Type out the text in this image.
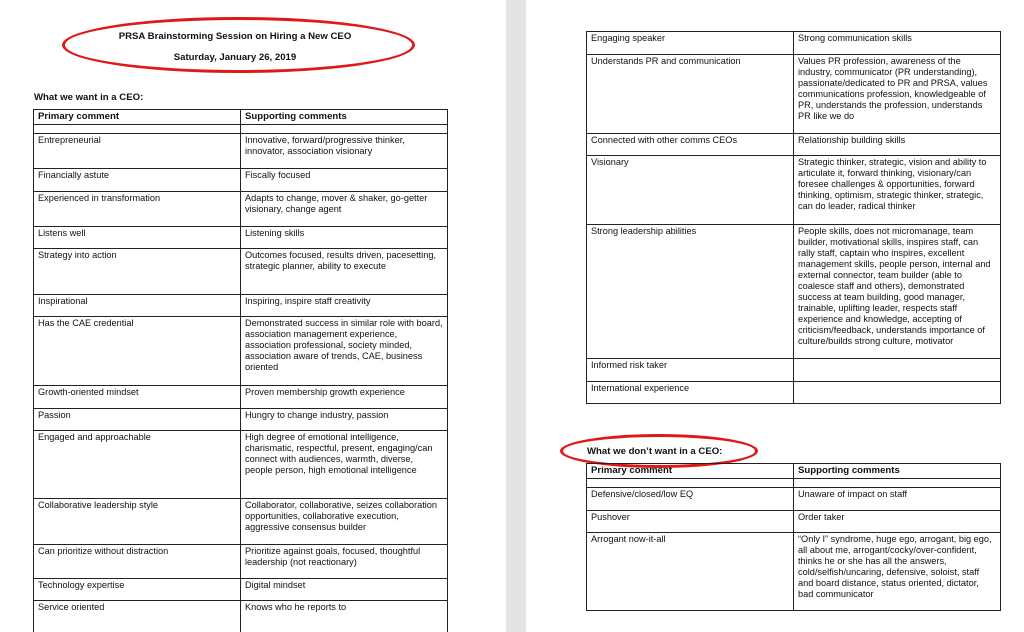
PRSA Brainstorming Session on Hiring a New CEO
Saturday, January 26, 2019
What we want in a CEO:
Primary comment	Supporting comments

Entrepreneurial	Innovative, forward/progressive thinker, innovator, association visionary
Financially astute	Fiscally focused
Experienced in transformation	Adapts to change, mover & shaker, go-getter visionary, change agent
Listens well	Listening skills
Strategy into action	Outcomes focused, results driven, pacesetting, strategic planner, ability to execute
Inspirational	Inspiring, inspire staff creativity
Has the CAE credential	Demonstrated success in similar role with board, association management experience, association professional, society minded, association aware of trends, CAE, business oriented
Growth-oriented mindset	Proven membership growth experience
Passion	Hungry to change industry, passion
Engaged and approachable	High degree of emotional intelligence, charismatic, respectful, present, engaging/can connect with audiences, warmth, diverse, people person, high emotional intelligence
Collaborative leadership style	Collaborator, collaborative, seizes collaboration opportunities, collaborative execution, aggressive consensus builder
Can prioritize without distraction	Prioritize against goals, focused, thoughtful leadership (not reactionary)
Technology expertise	Digital mindset
Service oriented	Knows who he reports to
Engaging speaker	Strong communication skills
Understands PR and communication	Values PR profession, awareness of the industry, communicator (PR understanding), passionate/dedicated to PR and PRSA, values communications profession, knowledgeable of PR, understands the profession, understands PR like we do
Connected with other comms CEOs	Relationship building skills
Visionary	Strategic thinker, strategic, vision and ability to articulate it, forward thinking, visionary/can foresee challenges & opportunities, forward thinking, optimism, strategic thinker, strategic, can do leader, radical thinker
Strong leadership abilities	People skills, does not micromanage, team builder, motivational skills, inspires staff, can rally staff, captain who inspires, excellent management skills, people person, internal and external connector, team builder (able to coalesce staff and others), demonstrated success at team building, good manager, trainable, uplifting leader, respects staff experience and knowledge, accepting of criticism/feedback, understands importance of culture/builds strong culture, motivator
Informed risk taker	
International experience	
What we don’t want in a CEO:
Primary comment	Supporting comments

Defensive/closed/low EQ	Unaware of impact on staff
Pushover	Order taker
Arrogant now-it-all	“Only I” syndrome, huge ego, arrogant, big ego, all about me, arrogant/cocky/over-confident, thinks he or she has all the answers, cold/selfish/uncaring, defensive, soloist, staff and board distance, status oriented, dictator, bad communicator
